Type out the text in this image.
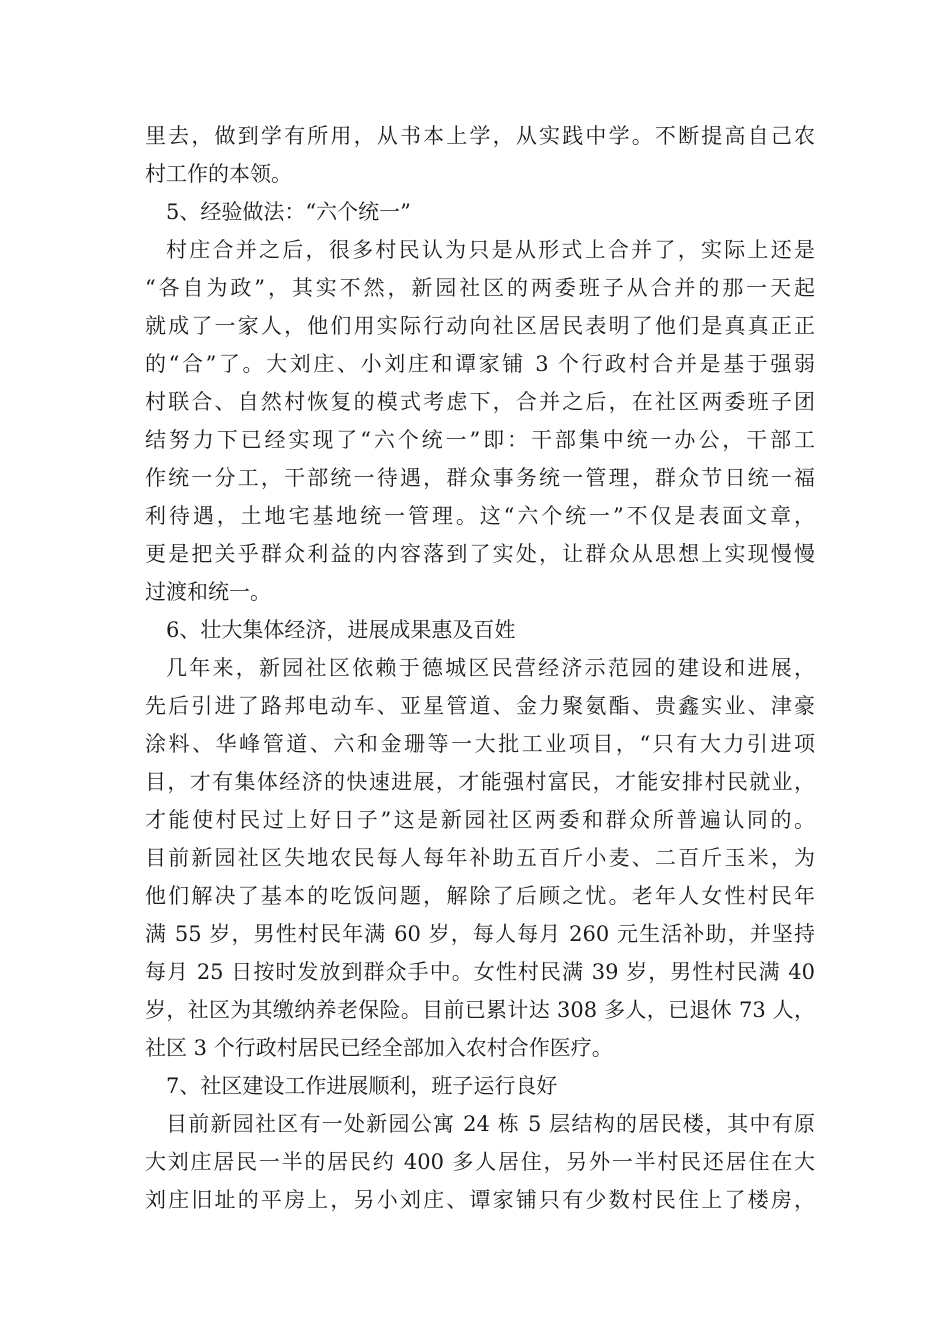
里去，做到学有所用，从书本上学，从实践中学。不断提高自己农
村工作的本领。
5、经验做法：“六个统一”
村庄合并之后，很多村民认为只是从形式上合并了，实际上还是
“各自为政”，其实不然，新园社区的两委班子从合并的那一天起
就成了一家人，他们用实际行动向社区居民表明了他们是真真正正
的“合”了。大刘庄、小刘庄和谭家铺 3 个行政村合并是基于强弱
村联合、自然村恢复的模式考虑下，合并之后，在社区两委班子团
结努力下已经实现了“六个统一”即：干部集中统一办公，干部工
作统一分工，干部统一待遇，群众事务统一管理，群众节日统一福
利待遇，土地宅基地统一管理。这“六个统一”不仅是表面文章，
更是把关乎群众利益的内容落到了实处，让群众从思想上实现慢慢
过渡和统一。
6、壮大集体经济，进展成果惠及百姓
几年来，新园社区依赖于德城区民营经济示范园的建设和进展，
先后引进了路邦电动车、亚星管道、金力聚氨酯、贵鑫实业、津豪
涂料、华峰管道、六和金珊等一大批工业项目，“只有大力引进项
目，才有集体经济的快速进展，才能强村富民，才能安排村民就业，
才能使村民过上好日子”这是新园社区两委和群众所普遍认同的。
目前新园社区失地农民每人每年补助五百斤小麦、二百斤玉米，为
他们解决了基本的吃饭问题，解除了后顾之忧。老年人女性村民年
满 55 岁，男性村民年满 60 岁，每人每月 260 元生活补助，并坚持
每月 25 日按时发放到群众手中。女性村民满 39 岁，男性村民满 40
岁，社区为其缴纳养老保险。目前已累计达 308 多人，已退休 73 人，
社区 3 个行政村居民已经全部加入农村合作医疗。
7、社区建设工作进展顺利，班子运行良好
目前新园社区有一处新园公寓 24 栋 5 层结构的居民楼，其中有原
大刘庄居民一半的居民约 400 多人居住，另外一半村民还居住在大
刘庄旧址的平房上，另小刘庄、谭家铺只有少数村民住上了楼房，
